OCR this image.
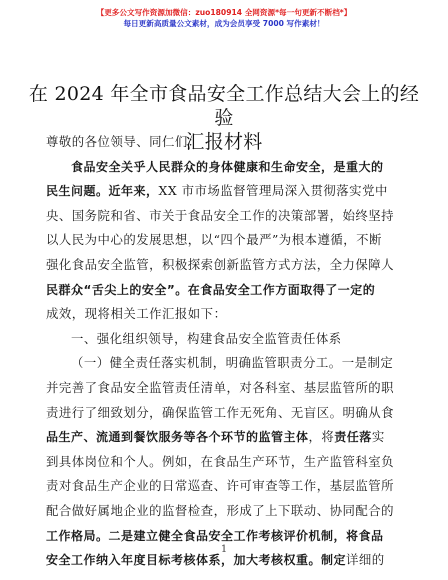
【更多公文写作资源加微信：zuo180914 全网资源*每一句更新不断档*】
每日更新高质量公文素材，成为会员享受 7000 写作素材！
在 2024 年全市食品安全工作总结大会上的经验
汇报材料
尊敬的各位领导、同仁们：
食品安全关乎人民群众的身体健康和生命安全，是重大的
民生问题。近年来，XX 市市场监督管理局深入贯彻落实党中
央、国务院和省、市关于食品安全工作的决策部署，始终坚持
以人民为中心的发展思想，以“四个最严”为根本遵循，不断
强化食品安全监管，积极探索创新监管方式方法，全力保障人
民群众“舌尖上的安全”。在食品安全工作方面取得了一定的
成效，现将相关工作汇报如下：
一、强化组织领导，构建食品安全监管责任体系
（一）健全责任落实机制，明确监管职责分工。一是制定
并完善了食品安全监管责任清单，对各科室、基层监管所的职
责进行了细致划分，确保监管工作无死角、无盲区。明确从食
品生产、流通到餐饮服务等各个环节的监管主体，将责任落实
到具体岗位和个人。例如，在食品生产环节，生产监管科室负
责对食品生产企业的日常巡查、许可审查等工作，基层监管所
配合做好属地企业的监督检查，形成了上下联动、协同配合的
工作格局。二是建立健全食品安全工作考核评价机制，将食品
安全工作纳入年度目标考核体系，加大考核权重。制定详细的
1
